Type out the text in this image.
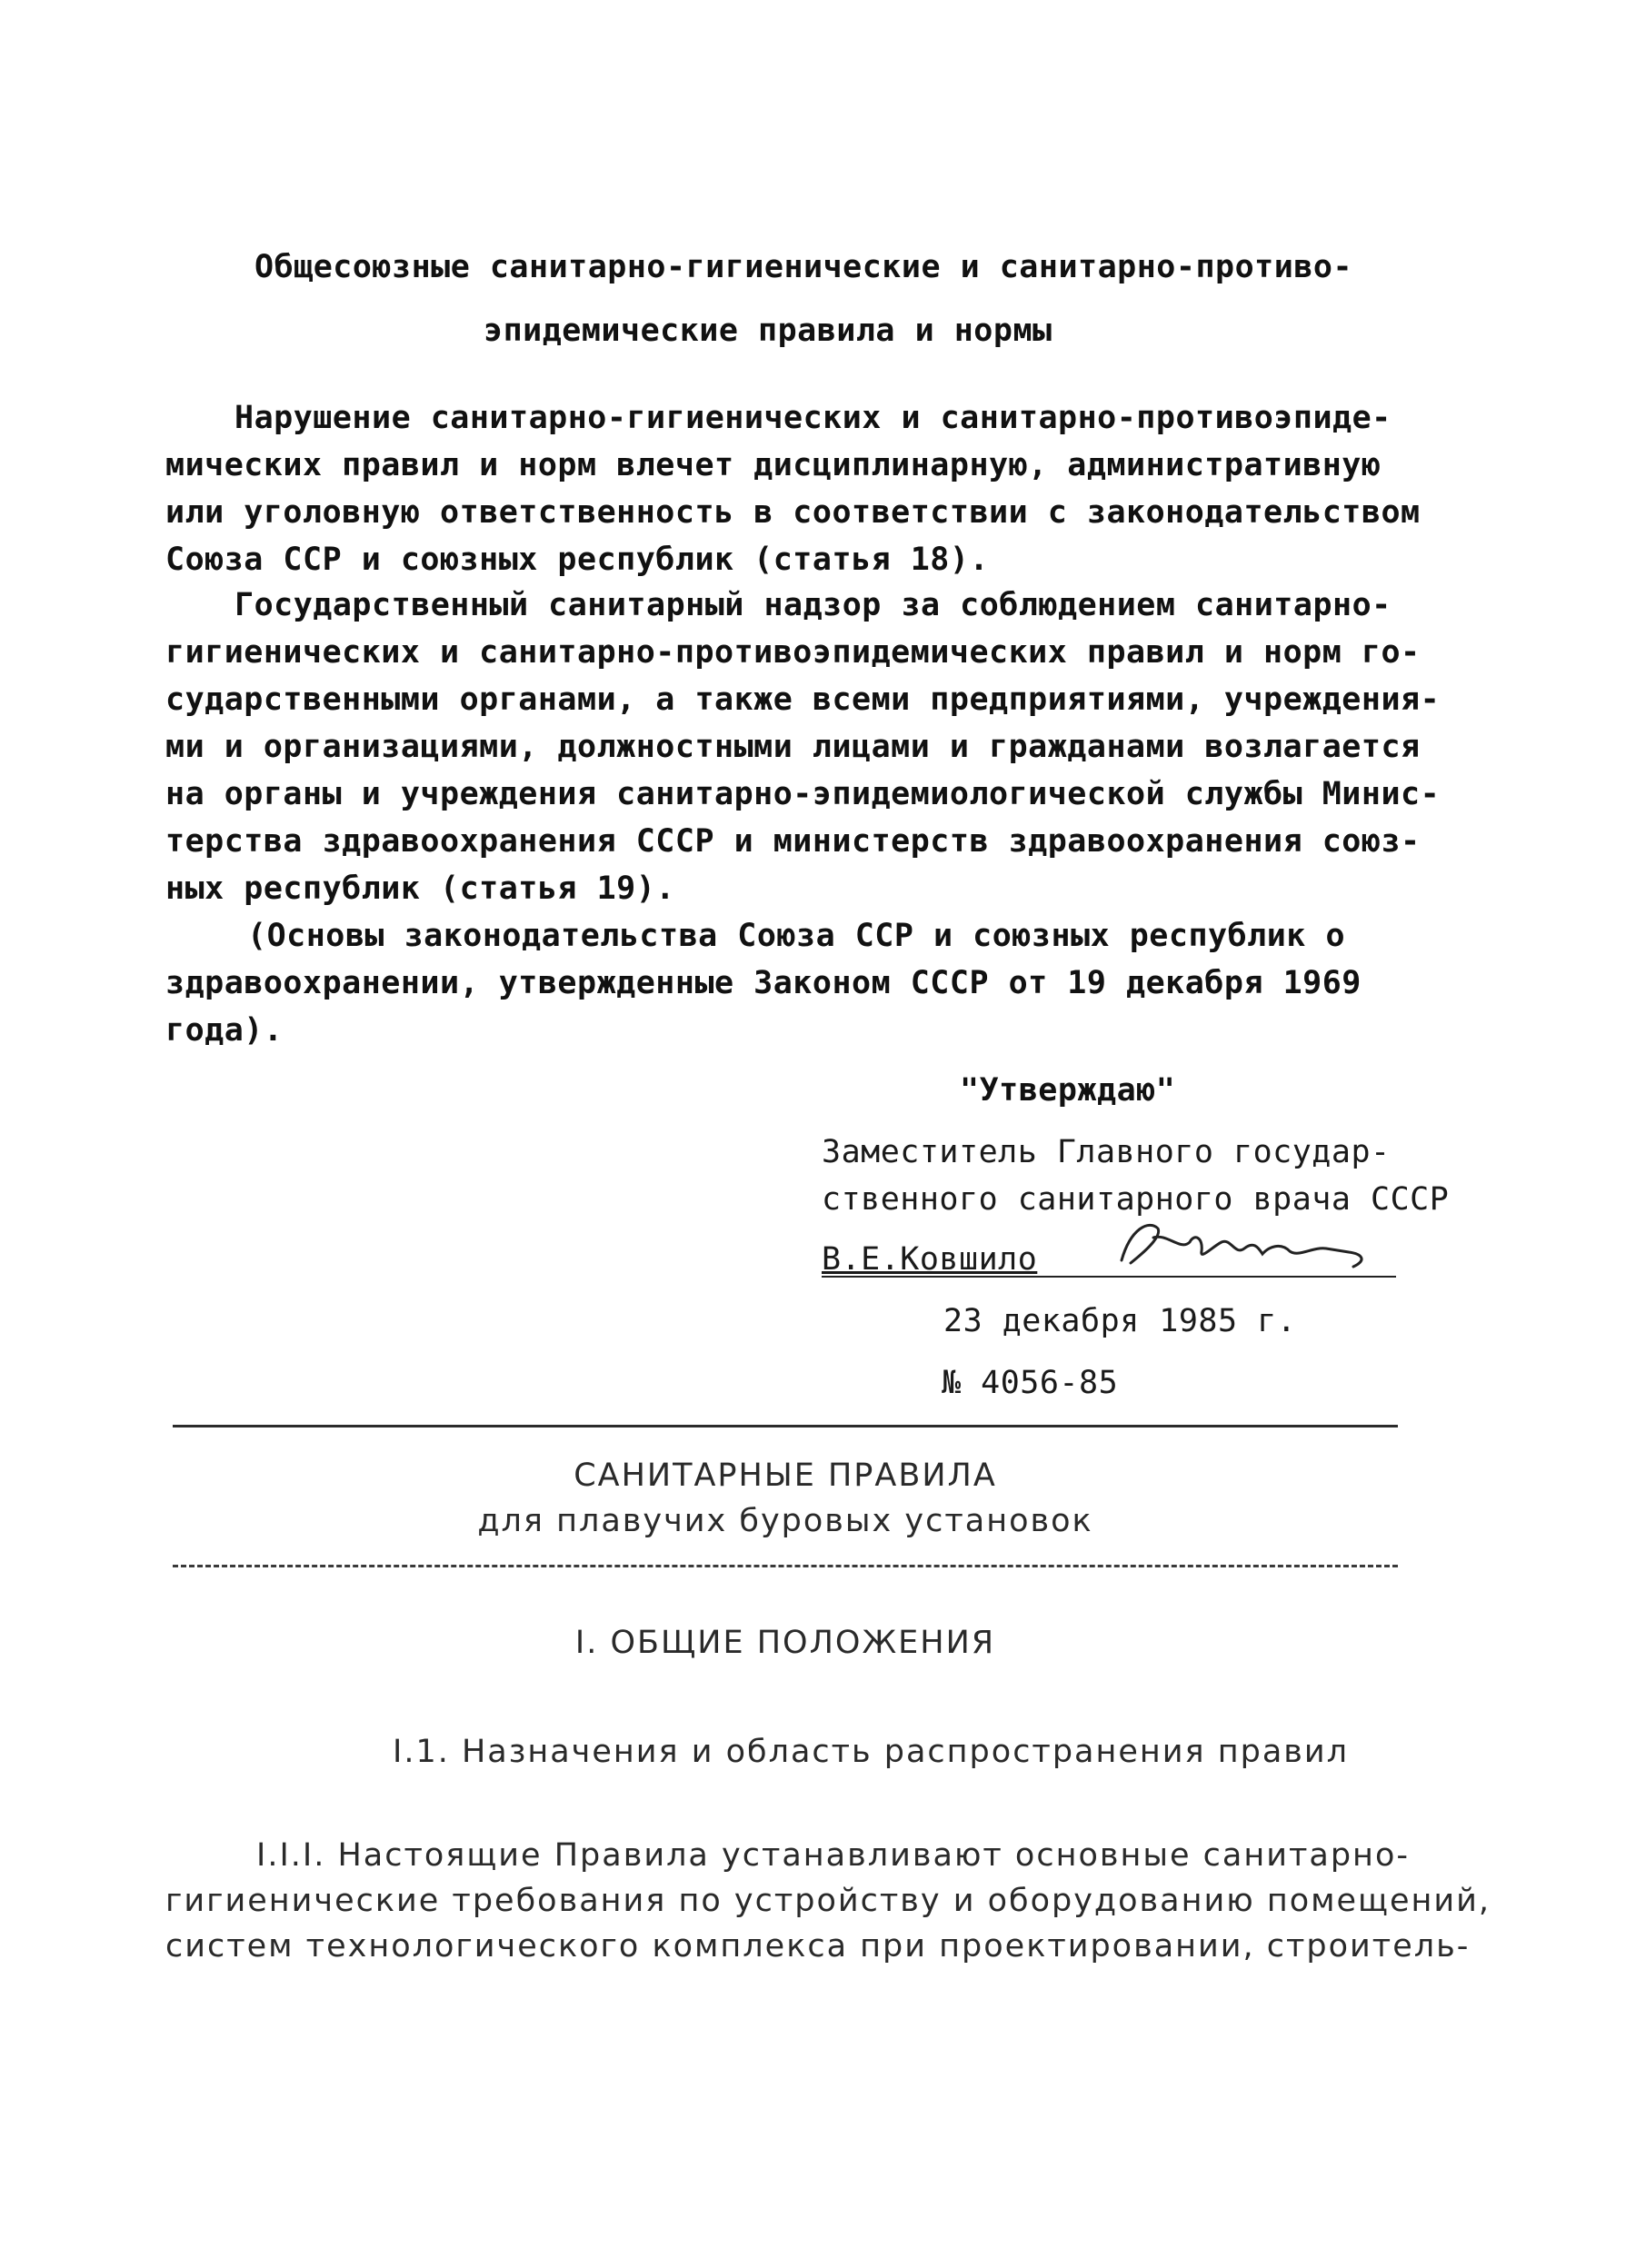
Общесоюзные санитарно-гигиенические и санитарно-противо-
эпидемические правила и нормы
Нарушение санитарно-гигиенических и санитарно-противоэпиде-
мических правил и норм влечет дисциплинарную, административную
или уголовную ответственность в соответствии с законодательством
Союза ССР и союзных республик (статья 18).
Государственный санитарный надзор за соблюдением санитарно-
гигиенических и санитарно-противоэпидемических правил и норм го-
сударственными органами, а также всеми предприятиями, учреждения-
ми и организациями, должностными лицами и гражданами возлагается
на органы и учреждения санитарно-эпидемиологической службы Минис-
терства здравоохранения СССР и министерств здравоохранения союз-
ных республик (статья 19).
(Основы законодательства Союза ССР и союзных республик о
здравоохранении, утвержденные Законом СССР от 19 декабря 1969
года).
"Утверждаю"
Заместитель Главного государ-
ственного санитарного врача СССР
В.Е.Ковшило
23 декабря 1985 г.
№ 4056-85
САНИТАРНЫЕ ПРАВИЛА
для плавучих буровых установок
I. ОБЩИЕ ПОЛОЖЕНИЯ
I.1. Назначения и область распространения правил
I.I.I. Настоящие Правила устанавливают основные санитарно-
гигиенические требования по устройству и оборудованию помещений,
систем технологического комплекса при проектировании, строитель-
